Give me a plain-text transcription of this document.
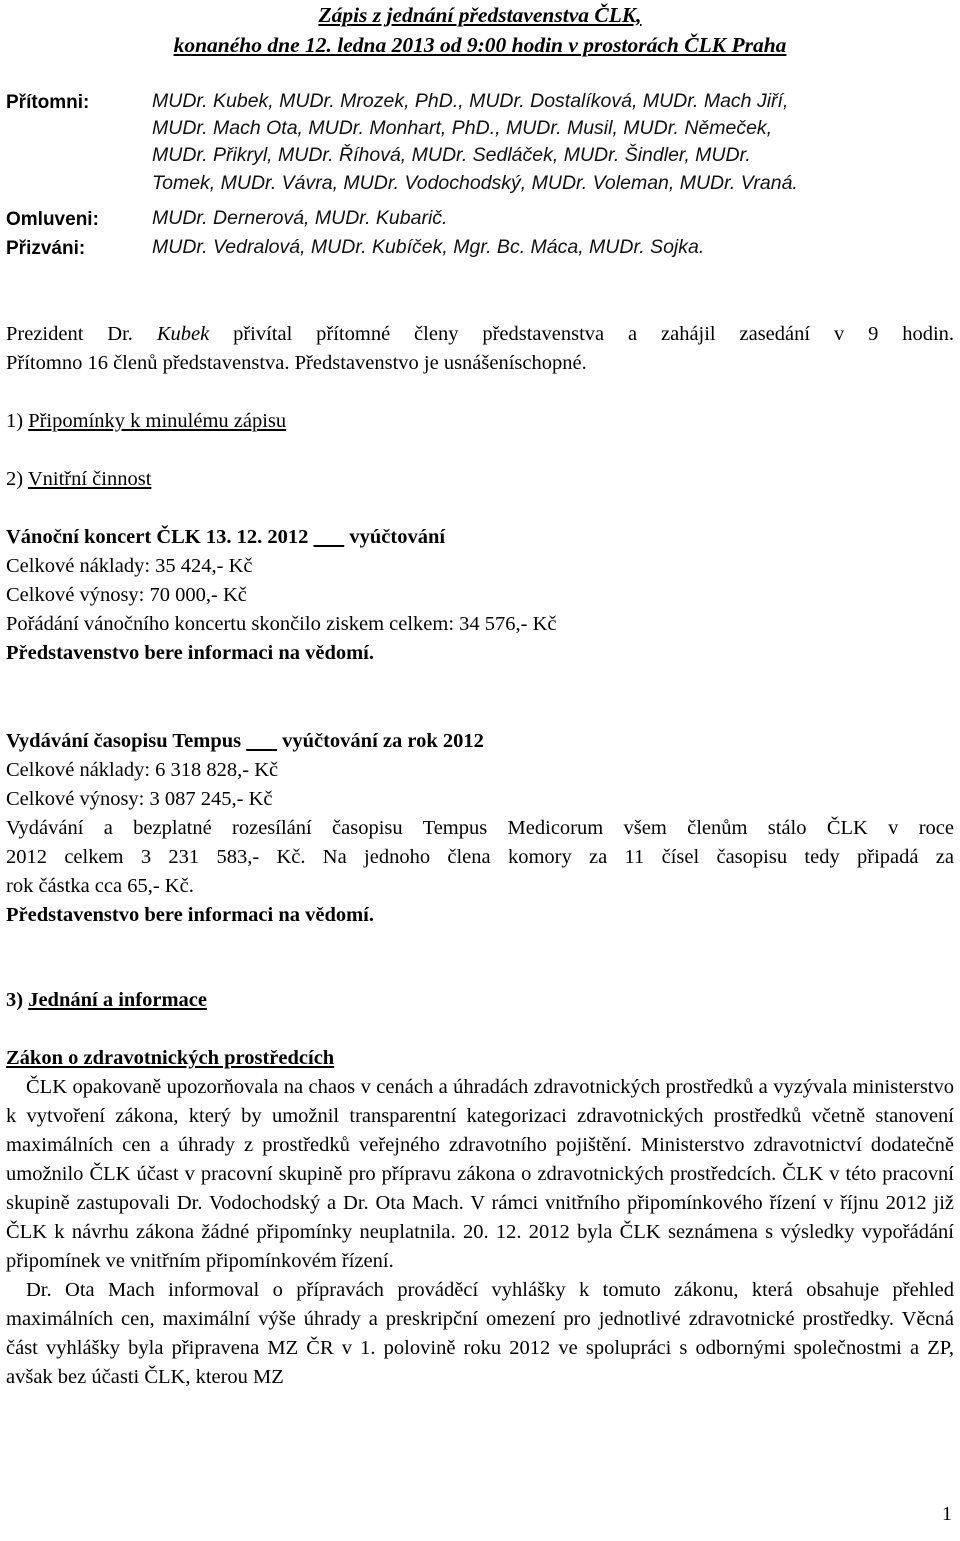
Zápis z jednání představenstva ČLK,

konaného dne 12. ledna 2013 od 9:00 hodin v prostorách ČLK Praha

Přítomni:	MUDr. Kubek, MUDr. Mrozek, PhD., MUDr. Dostalíková, MUDr. Mach Jiří,
MUDr. Mach Ota, MUDr. Monhart, PhD., MUDr. Musil, MUDr. Němeček,
MUDr. Přikryl, MUDr. Říhová, MUDr. Sedláček, MUDr. Šindler, MUDr.
Tomek, MUDr. Vávra, MUDr. Vodochodský, MUDr. Voleman, MUDr. Vraná.
Omluveni:	MUDr. Dernerová, MUDr. Kubarič.
Přizváni:	MUDr. Vedralová, MUDr. Kubíček, Mgr. Bc. Máca, MUDr. Sojka.

Prezident Dr. Kubek přivítal přítomné členy představenstva a zahájil zasedání v 9 hodin.

Přítomno 16 členů představenstva. Představenstvo je usnášeníschopné.

1) Připomínky k minulému zápisu

2) Vnitřní činnost

Vánoční koncert ČLK 13. 12. 2012 vyúčtování

Celkové náklady: 35 424,- Kč

Celkové výnosy: 70 000,- Kč

Pořádání vánočního koncertu skončilo ziskem celkem: 34 576,- Kč

Představenstvo bere informaci na vědomí.

Vydávání časopisu Tempus vyúčtování za rok 2012

Celkové náklady: 6 318 828,- Kč

Celkové výnosy: 3 087 245,- Kč

Vydávání a bezplatné rozesílání časopisu Tempus Medicorum všem členům stálo ČLK v roce

2012 celkem 3 231 583,- Kč. Na jednoho člena komory za 11 čísel časopisu tedy připadá za

rok částka cca 65,- Kč.

Představenstvo bere informaci na vědomí.

3) Jednání a informace

Zákon o zdravotnických prostředcích

ČLK opakovaně upozorňovala na chaos v cenách a úhradách zdravotnických prostředků a vyzývala ministerstvo k vytvoření zákona, který by umožnil transparentní kategorizaci zdravotnických prostředků včetně stanovení maximálních cen a úhrady z prostředků veřejného zdravotního pojištění. Ministerstvo zdravotnictví dodatečně umožnilo ČLK účast v pracovní skupině pro přípravu zákona o zdravotnických prostředcích. ČLK v této pracovní skupině zastupovali Dr. Vodochodský a Dr. Ota Mach. V rámci vnitřního připomínkového řízení v říjnu 2012 již ČLK k návrhu zákona žádné připomínky neuplatnila. 20. 12. 2012 byla ČLK seznámena s výsledky vypořádání připomínek ve vnitřním připomínkovém řízení.

Dr. Ota Mach informoval o přípravách prováděcí vyhlášky k tomuto zákonu, která obsahuje přehled maximálních cen, maximální výše úhrady a preskripční omezení pro jednotlivé zdravotnické prostředky. Věcná část vyhlášky byla připravena MZ ČR v 1. polovině roku 2012 ve spolupráci s odbornými společnostmi a ZP, avšak bez účasti ČLK, kterou MZ

1
